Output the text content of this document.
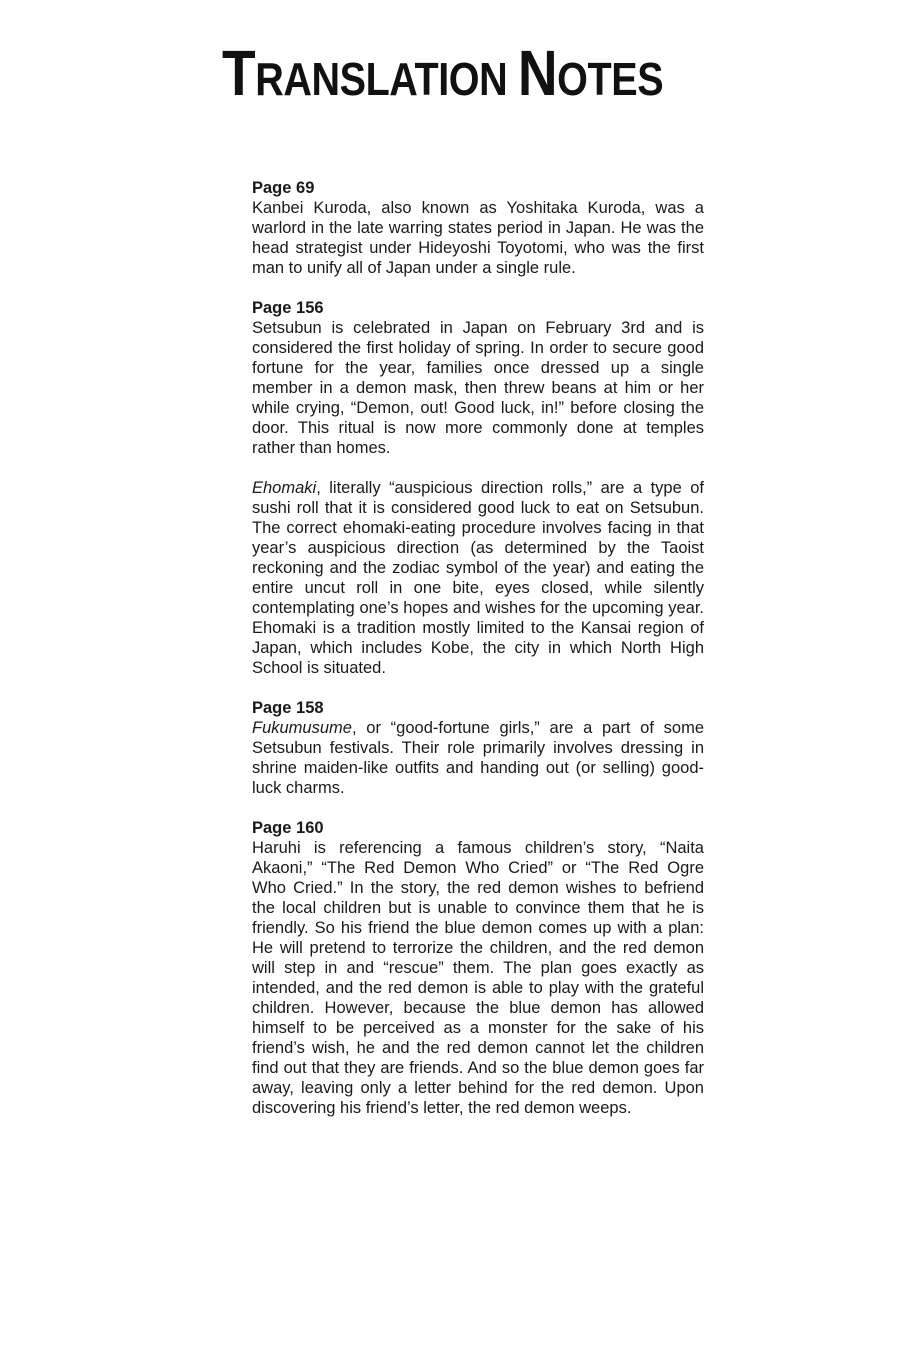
TRANSLATION NOTES
Page 69

Kanbei Kuroda, also known as Yoshitaka Kuroda, was a warlord in the late warring states period in Japan. He was the head strategist under Hideyoshi Toyotomi, who was the first man to unify all of Japan under a single rule.

Page 156

Setsubun is celebrated in Japan on February 3rd and is considered the first holiday of spring. In order to secure good fortune for the year, families once dressed up a single member in a demon mask, then threw beans at him or her while crying, “Demon, out! Good luck, in!” before closing the door. This ritual is now more commonly done at temples rather than homes.

Ehomaki, literally “auspicious direction rolls,” are a type of sushi roll that it is considered good luck to eat on Setsubun. The correct ehomaki-eating procedure involves facing in that year’s auspicious direction (as determined by the Taoist reckoning and the zodiac symbol of the year) and eating the entire uncut roll in one bite, eyes closed, while silently contemplating one’s hopes and wishes for the upcoming year. Ehomaki is a tradition mostly limited to the Kansai region of Japan, which includes Kobe, the city in which North High School is situated.

Page 158

Fukumusume, or “good-fortune girls,” are a part of some Setsubun festivals. Their role primarily involves dressing in shrine maiden-like outfits and handing out (or selling) good-luck charms.

Page 160

Haruhi is referencing a famous children’s story, “Naita Akaoni,” “The Red Demon Who Cried” or “The Red Ogre Who Cried.” In the story, the red demon wishes to befriend the local children but is unable to convince them that he is friendly. So his friend the blue demon comes up with a plan: He will pretend to terrorize the children, and the red demon will step in and “rescue” them. The plan goes exactly as intended, and the red demon is able to play with the grateful children. However, because the blue demon has allowed himself to be perceived as a monster for the sake of his friend’s wish, he and the red demon cannot let the children find out that they are friends. And so the blue demon goes far away, leaving only a letter behind for the red demon. Upon discovering his friend’s letter, the red demon weeps.
